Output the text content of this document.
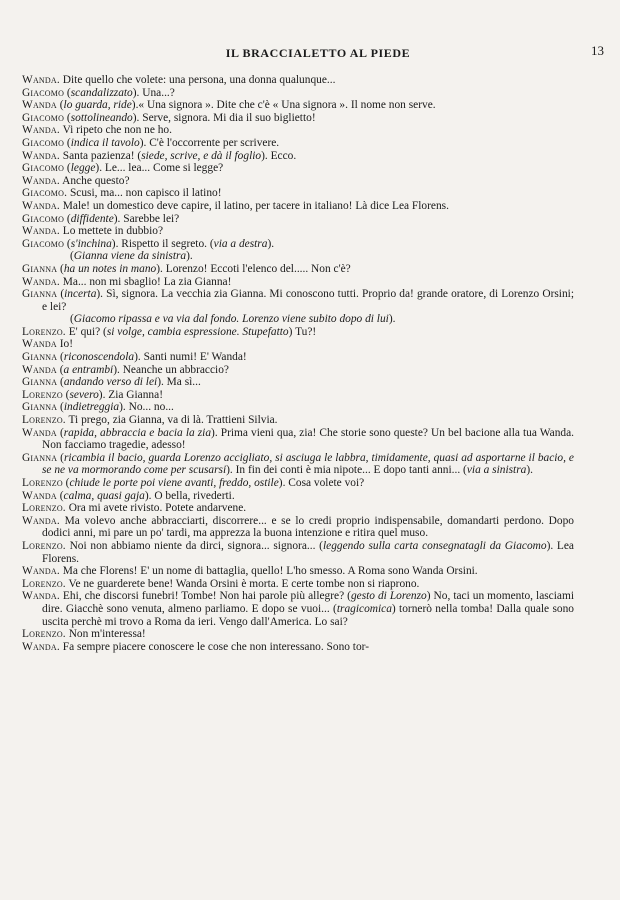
IL BRACCIALETTO AL PIEDE	13

Wanda. Dite quello che volete: una persona, una donna qualunque...

Giacomo (scandalizzato). Una...?

Wanda (lo guarda, ride).« Una signora ». Dite che c'è « Una signora ». Il nome non serve.

Giacomo (sottolineando). Serve, signora. Mi dia il suo biglietto!

Wanda. Vi ripeto che non ne ho.

Giacomo (indica il tavolo). C'è l'occorrente per scrivere.

Wanda. Santa pazienza! (siede, scrive, e dà il foglio). Ecco.

Giacomo (legge). Le... lea... Come si legge?

Wanda. Anche questo?

Giacomo. Scusi, ma... non capisco il latino!

Wanda. Male! un domestico deve capire, il latino, per tacere in italiano! Là dice Lea Florens.

Giacomo (diffidente). Sarebbe lei?

Wanda. Lo mettete in dubbio?

Giacomo (s'inchina). Rispetto il segreto. (via a destra).

(Gianna viene da sinistra).

Gianna (ha un notes in mano). Lorenzo! Eccoti l'elenco del..... Non c'è?

Wanda. Ma... non mi sbaglio! La zia Gianna!

Gianna (incerta). Sì, signora. La vecchia zia Gianna. Mi conoscono tutti. Proprio da! grande oratore, di Lorenzo Orsini; e lei?

(Giacomo ripassa e va via dal fondo. Lorenzo viene subito dopo di lui).

Lorenzo. E' qui? (si volge, cambia espressione. Stupefatto) Tu?!

Wanda Io!

Gianna (riconoscendola). Santi numi! E' Wanda!

Wanda (a entrambi). Neanche un abbraccio?

Gianna (andando verso di lei). Ma sì...

Lorenzo (severo). Zia Gianna!

Gianna (indietreggia). No... no...

Lorenzo. Ti prego, zia Gianna, va di là. Trattieni Silvia.

Wanda (rapida, abbraccia e bacia la zia). Prima vieni qua, zia! Che storie sono queste? Un bel bacione alla tua Wanda. Non facciamo tragedie, adesso!

Gianna (ricambia il bacio, guarda Lorenzo accigliato, si asciuga le labbra, timidamente, quasi ad asportarne il bacio, e se ne va mormorando come per scusarsi). In fin dei conti è mia nipote... E dopo tanti anni... (via a sinistra).

Lorenzo (chiude le porte poi viene avanti, freddo, ostile). Cosa volete voi?

Wanda (calma, quasi gaja). O bella, rivederti.

Lorenzo. Ora mi avete rivisto. Potete andarvene.

Wanda. Ma volevo anche abbracciarti, discorrere... e se lo credi proprio indispensabile, domandarti perdono. Dopo dodici anni, mi pare un po' tardi, ma apprezza la buona intenzione e ritira quel muso.

Lorenzo. Noi non abbiamo niente da dirci, signora... signora... (leggendo sulla carta consegnatagli da Giacomo). Lea Florens.

Wanda. Ma che Florens! E' un nome di battaglia, quello! L'ho smesso. A Roma sono Wanda Orsini.

Lorenzo. Ve ne guarderete bene! Wanda Orsini è morta. E certe tombe non si riaprono.

Wanda. Ehi, che discorsi funebri! Tombe! Non hai parole più allegre? (gesto di Lorenzo) No, taci un momento, lasciami dire. Giacchè sono venuta, almeno parliamo. E dopo se vuoi... (tragicomica) tornerò nella tomba! Dalla quale sono uscita perchè mi trovo a Roma da ieri. Vengo dall'America. Lo sai?

Lorenzo. Non m'interessa!

Wanda. Fa sempre piacere conoscere le cose che non interessano. Sono tor-
